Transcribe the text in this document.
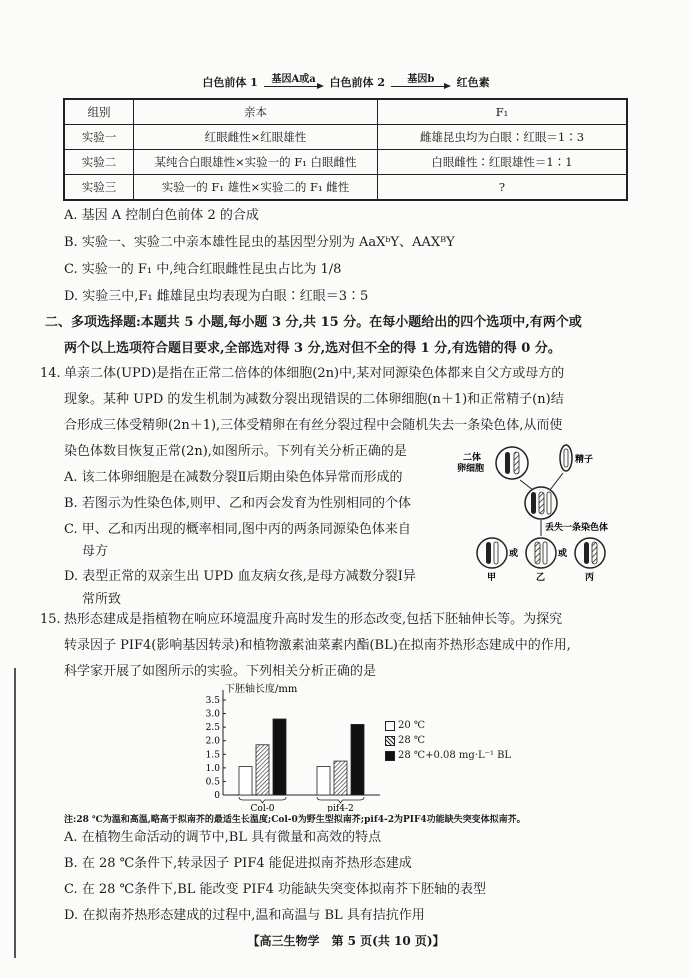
白色前体 1	基因A或a	白色前体 2	基因b	红色素
组别	亲本	F₁
实验一	红眼雌性×红眼雄性	雌雄昆虫均为白眼∶红眼＝1∶3
实验二	某纯合白眼雄性×实验一的 F₁ 白眼雌性	白眼雌性∶红眼雄性＝1∶1
实验三	实验一的 F₁ 雄性×实验二的 F₁ 雌性	?
A. 基因 A 控制白色前体 2 的合成
B. 实验一、实验二中亲本雄性昆虫的基因型分别为 AaXᵇY、AAXᴮY
C. 实验一的 F₁ 中,纯合红眼雌性昆虫占比为 1/8
D. 实验三中,F₁ 雌雄昆虫均表现为白眼∶红眼＝3∶5
二、多项选择题:本题共 5 小题,每小题 3 分,共 15 分。在每小题给出的四个选项中,有两个或
两个以上选项符合题目要求,全部选对得 3 分,选对但不全的得 1 分,有选错的得 0 分。
14. 单亲二体(UPD)是指在正常二倍体的体细胞(2n)中,某对同源染色体都来自父方或母方的
现象。某种 UPD 的发生机制为减数分裂出现错误的二体卵细胞(n＋1)和正常精子(n)结
合形成三体受精卵(2n＋1),三体受精卵在有丝分裂过程中会随机失去一条染色体,从而使
染色体数目恢复正常(2n),如图所示。下列有关分析正确的是
A. 该二体卵细胞是在减数分裂Ⅱ后期由染色体异常而形成的
B. 若图示为性染色体,则甲、乙和丙会发育为性别相同的个体
C. 甲、乙和丙出现的概率相同,图中丙的两条同源染色体来自
母方
D. 表型正常的双亲生出 UPD 血友病女孩,是母方减数分裂Ⅰ异
常所致
二体
卵细胞
精子
丢失一条染色体
或	或
甲	乙	丙
15. 热形态建成是指植物在响应环境温度升高时发生的形态改变,包括下胚轴伸长等。为探究
转录因子 PIF4(影响基因转录)和植物激素油菜素内酯(BL)在拟南芥热形态建成中的作用,
科学家开展了如图所示的实验。下列相关分析正确的是
0
0.5
1.0
1.5
2.0
2.5
3.0
3.5
Col-0	pif4-2
下胚轴长度/mm
20 ℃
28 ℃
28 ℃+0.08 mg·L⁻¹ BL
注:28 ℃为温和高温,略高于拟南芥的最适生长温度;Col-0为野生型拟南芥;pif4-2为PIF4功能缺失突变体拟南芥。
A. 在植物生命活动的调节中,BL 具有微量和高效的特点
B. 在 28 ℃条件下,转录因子 PIF4 能促进拟南芥热形态建成
C. 在 28 ℃条件下,BL 能改变 PIF4 功能缺失突变体拟南芥下胚轴的表型
D. 在拟南芥热形态建成的过程中,温和高温与 BL 具有拮抗作用
【高三生物学　第 5 页(共 10 页)】
